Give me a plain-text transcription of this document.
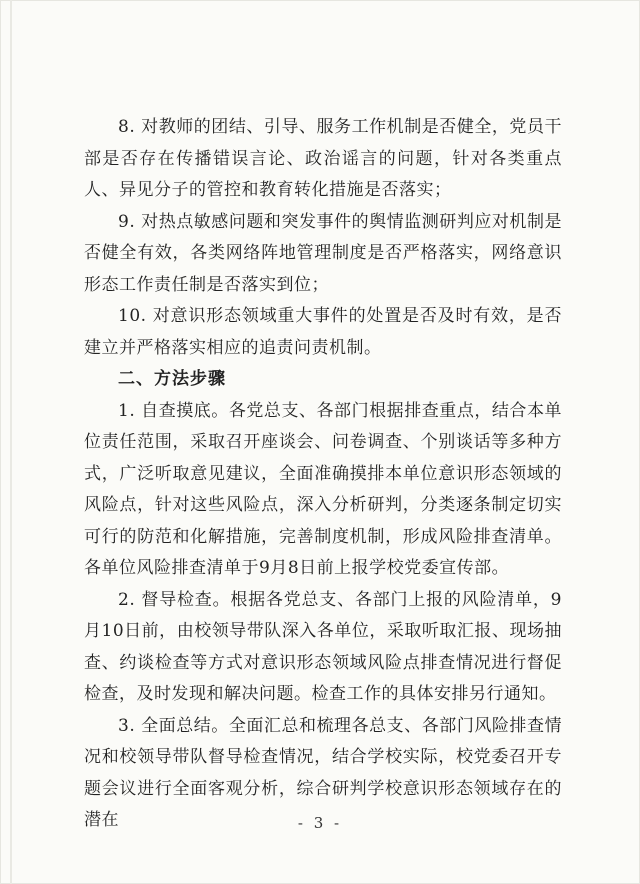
8. 对教师的团结、引导、服务工作机制是否健全，党员干部是否存在传播错误言论、政治谣言的问题，针对各类重点人、异见分子的管控和教育转化措施是否落实；

9. 对热点敏感问题和突发事件的舆情监测研判应对机制是否健全有效，各类网络阵地管理制度是否严格落实，网络意识形态工作责任制是否落实到位；

10. 对意识形态领域重大事件的处置是否及时有效，是否建立并严格落实相应的追责问责机制。

二、方法步骤

1. 自查摸底。各党总支、各部门根据排查重点，结合本单位责任范围，采取召开座谈会、问卷调查、个别谈话等多种方式，广泛听取意见建议，全面准确摸排本单位意识形态领域的风险点，针对这些风险点，深入分析研判，分类逐条制定切实可行的防范和化解措施，完善制度机制，形成风险排查清单。各单位风险排查清单于9月8日前上报学校党委宣传部。

2. 督导检查。根据各党总支、各部门上报的风险清单，9月10日前，由校领导带队深入各单位，采取听取汇报、现场抽查、约谈检查等方式对意识形态领域风险点排查情况进行督促检查，及时发现和解决问题。检查工作的具体安排另行通知。

3. 全面总结。全面汇总和梳理各总支、各部门风险排查情况和校领导带队督导检查情况，结合学校实际，校党委召开专题会议进行全面客观分析，综合研判学校意识形态领域存在的潜在	- 3 -
